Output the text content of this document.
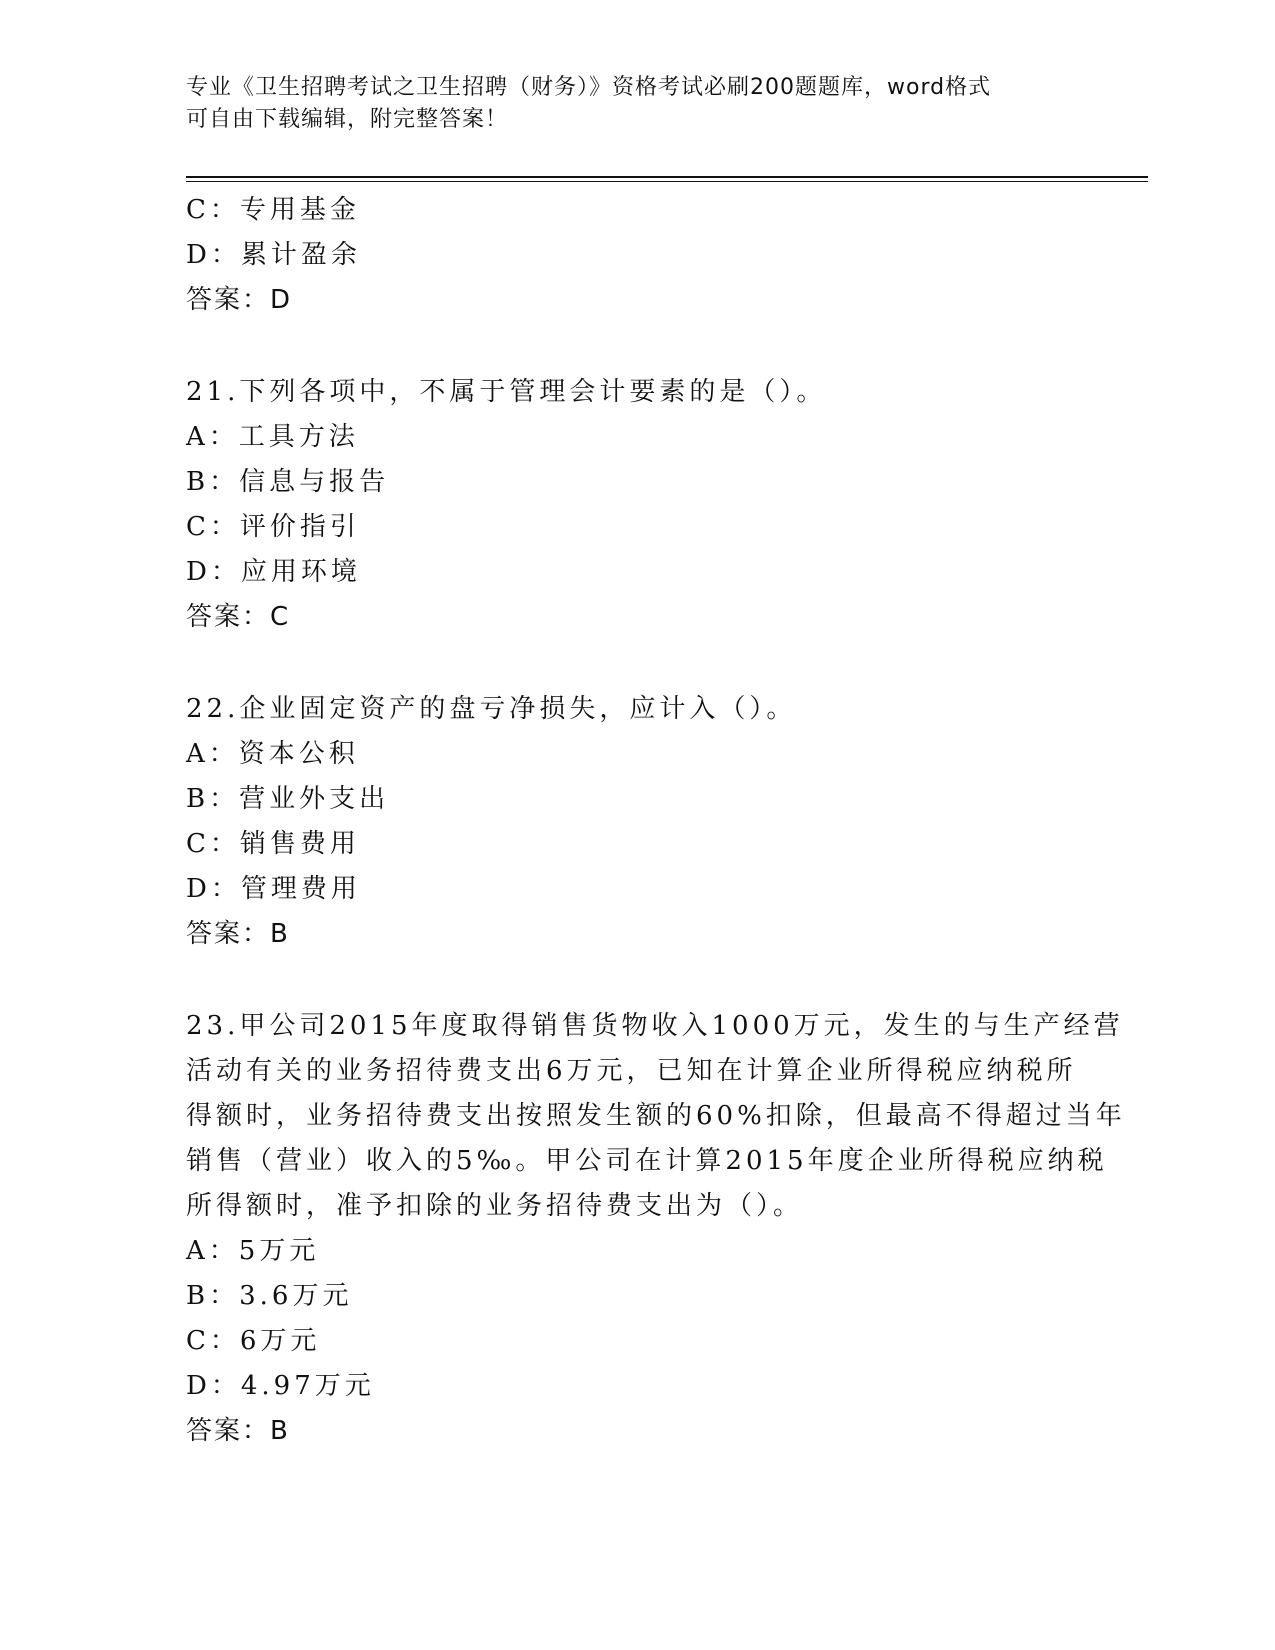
专业《卫生招聘考试之卫生招聘（财务）》资格考试必刷200题题库，word格式
可自由下载编辑，附完整答案！
C：专用基金
D：累计盈余
答案：D
21.下列各项中，不属于管理会计要素的是（）。
A：工具方法
B：信息与报告
C：评价指引
D：应用环境
答案：C
22.企业固定资产的盘亏净损失，应计入（）。
A：资本公积
B：营业外支出
C：销售费用
D：管理费用
答案：B
23.甲公司2015年度取得销售货物收入1000万元，发生的与生产经营
活动有关的业务招待费支出6万元，已知在计算企业所得税应纳税所
得额时，业务招待费支出按照发生额的60%扣除，但最高不得超过当年
销售（营业）收入的5‰。甲公司在计算2015年度企业所得税应纳税
所得额时，准予扣除的业务招待费支出为（）。
A：5万元
B：3.6万元
C：6万元
D：4.97万元
答案：B
